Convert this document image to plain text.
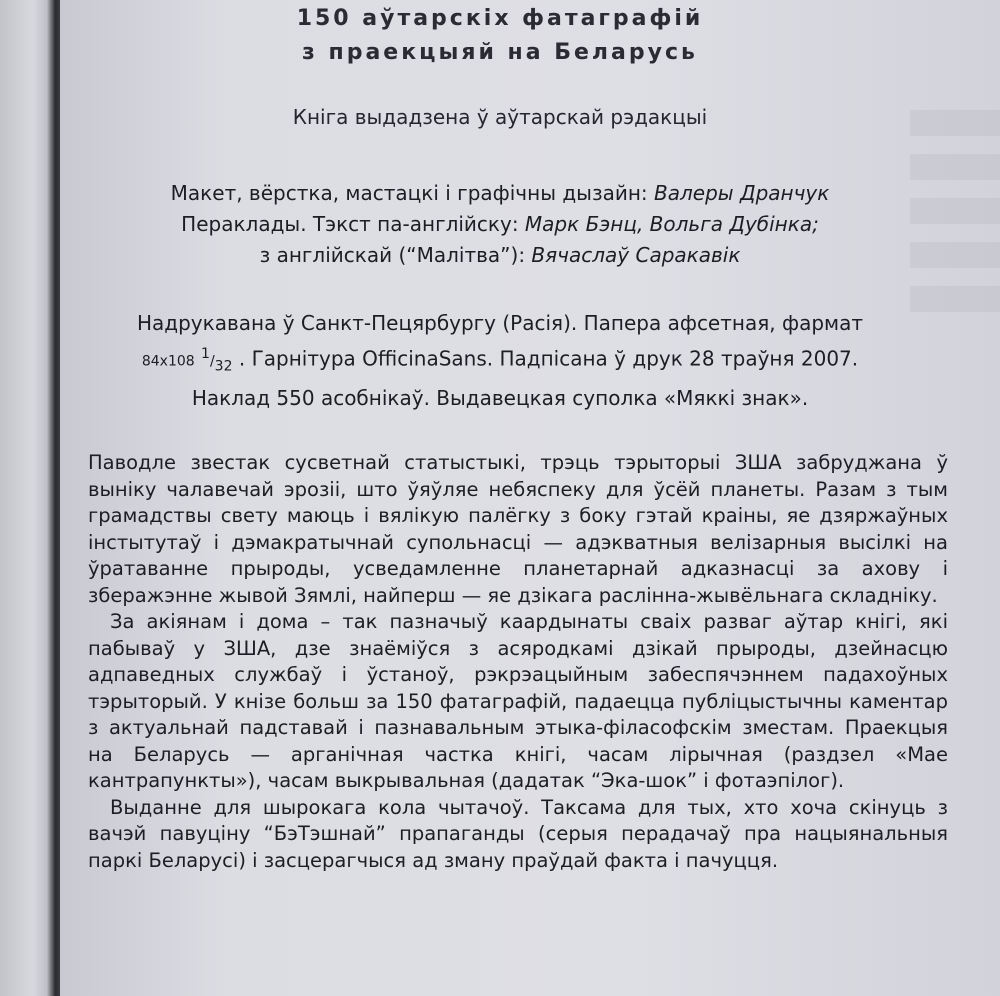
150 аўтарскіх фатаграфій
з праекцыяй на Беларусь
Кніга выдадзена ў аўтарскай рэдакцыі
Макет, вёрстка, мастацкі і графічны дызайн: Валеры Дранчук
Пераклады. Тэкст па-англійску: Марк Бэнц, Вольга Дубінка;
з англійскай (“Малітва”): Вячаслаў Саракавік
Надрукавана ў Санкт-Пецярбургу (Расія). Папера афсетная, фармат
84x108 $^1/_{32}$ . Гарнітура OfficinaSans. Падпісана ў друк 28 траўня 2007.
Наклад 550 асобнікаў. Выдавецкая суполка «Мяккі знак».

Паводле звестак сусветнай статыстыкі, трэць тэрыторыі ЗША забруджана ў выніку чалавечай эрозіі, што ўяўляе небяспеку для ўсёй планеты. Разам з тым грамадствы свету маюць і вялікую палёгку з боку гэтай краіны, яе дзяржаўных інстытутаў і дэмакратычнай супольнасці — адэкватныя велізарныя высілкі на ўратаванне прыроды, усведамленне планетарнай адказнасці за ахову і зберажэнне жывой Зямлі, найперш — яе дзікага раслінна-жывёльнага складніку.

За акіянам і дома – так пазначыў каардынаты сваіх разваг аўтар кнігі, які пабываў у ЗША, дзе знаёміўся з асяродкамі дзікай прыроды, дзейнасцю адпаведных службаў і ўстаноў, рэкрэацыйным забеспячэннем падахоўных тэрыторый. У кнізе больш за 150 фатаграфій, падаецца публіцыстычны каментар з актуальнай падставай і пазнавальным этыка-філасофскім зместам. Праекцыя на Беларусь — арганічная частка кнігі, часам лірычная (раздзел «Мае кантрапункты»), часам выкрывальная (дадатак “Эка-шок” і фотаэпілог).

Выданне для шырокага кола чытачоў. Таксама для тых, хто хоча скінуць з вачэй павуціну “БэТэшнай” прапаганды (серыя перадачаў пра нацыянальныя паркі Беларусі) і засцерагчыся ад зману праўдай факта і пачуцця.
